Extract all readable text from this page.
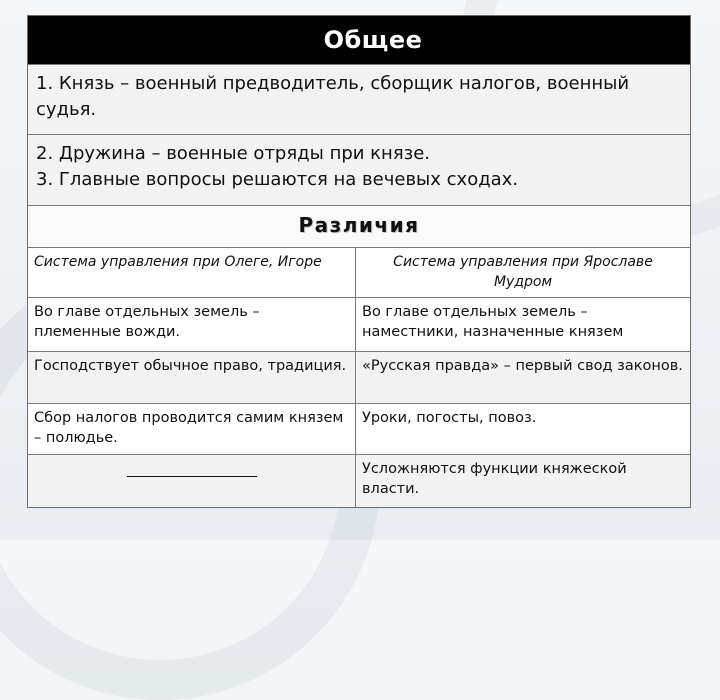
Общее
1. Князь – военный предводитель, сборщик налогов, военный судья.
2. Дружина – военные отряды при князе.
3. Главные вопросы решаются на вечевых сходах.
Различия
Система управления при Олеге, Игоре	Система управления при Ярославе Мудром
Во главе отдельных земель – племенные вожди.
Во главе отдельных земель – наместники, назначенные князем
Господствует обычное право, традиция.	«Русская правда» – первый свод законов.
Сбор налогов проводится самим князем – полюдье.
Уроки, погосты, повоз.
Усложняются функции княжеской власти.
